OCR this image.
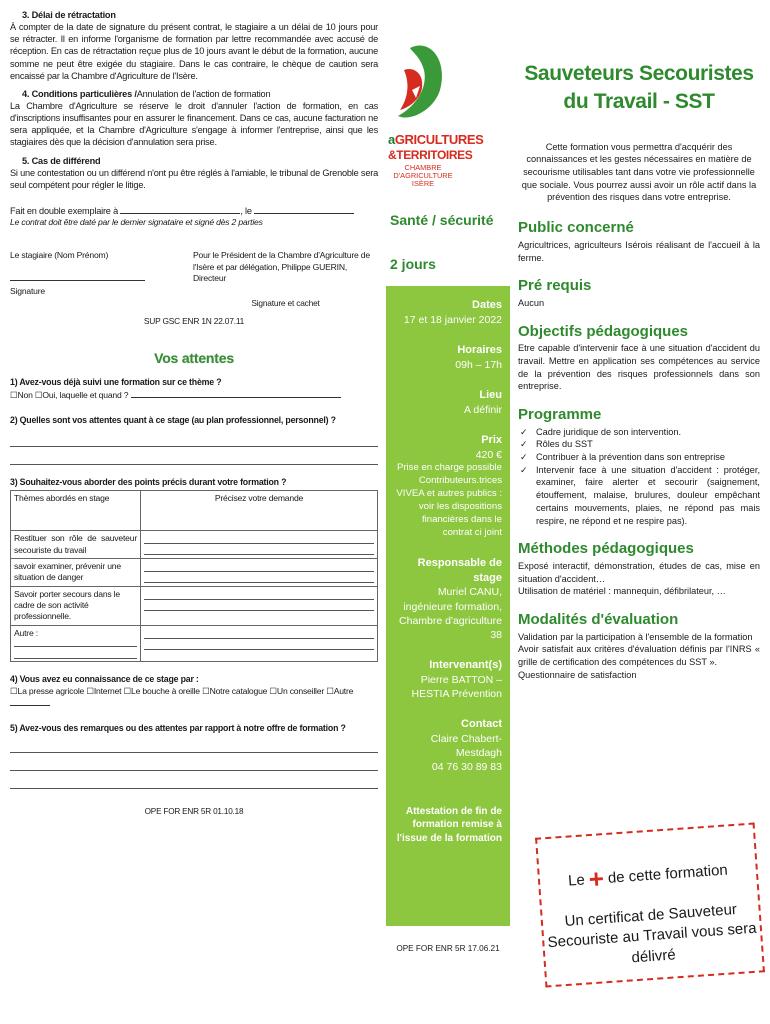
3. Délai de rétractation
À compter de la date de signature du présent contrat, le stagiaire a un délai de 10 jours pour se rétracter. Il en informe l'organisme de formation par lettre recommandée avec accusé de réception. En cas de rétractation reçue plus de 10 jours avant le début de la formation, aucune somme ne peut être exigée du stagiaire. Dans le cas contraire, le chèque de caution sera encaissé par la Chambre d'Agriculture de l'Isère.
4. Conditions particulières /Annulation de l'action de formation
La Chambre d'Agriculture se réserve le droit d'annuler l'action de formation, en cas d'inscriptions insuffisantes pour en assurer le financement. Dans ce cas, aucune facturation ne sera appliquée, et la Chambre d'Agriculture s'engage à informer l'entreprise, ainsi que les stagiaires dès que la décision d'annulation sera prise.
5. Cas de différend
Si une contestation ou un différend n'ont pu être réglés à l'amiable, le tribunal de Grenoble sera seul compétent pour régler le litige.
Fait en double exemplaire à	, le
Le contrat doit être daté par le dernier signataire et signé dès 2 parties
Le stagiaire (Nom Prénom)
Signature
Pour le Président de la Chambre d'Agriculture de l'Isère et par délégation, Philippe GUERIN, Directeur
Signature et cachet
SUP GSC ENR 1N 22.07.11
Vos attentes
1) Avez-vous déjà suivi une formation sur ce thème ?
☐Non ☐Oui, laquelle et quand ?
2) Quelles sont vos attentes quant à ce stage (au plan professionnel, personnel) ?
3) Souhaitez-vous aborder des points précis durant votre formation ?
Thèmes abordés en stage	Précisez votre demande
Restituer son rôle de sauveteur secouriste du travail	

savoir examiner, prévenir une situation de danger	

Savoir porter secours dans le cadre de son activité professionnelle.	

Autre :

4) Vous avez eu connaissance de ce stage par :
☐La presse agricole ☐Internet ☐Le bouche à oreille ☐Notre catalogue ☐Un conseiller ☐Autre
5) Avez-vous des remarques ou des attentes par rapport à notre offre de formation ?
OPE FOR ENR 5R 01.10.18
aGRICULTURES
&TERRITOIRES
CHAMBRE D'AGRICULTURE ISÈRE
Santé / sécurité
2 jours
Dates
17 et 18 janvier 2022
Horaires
09h – 17h
Lieu
A définir
Prix
420 €
Prise en charge possible Contributeurs.trices VIVEA et autres publics : voir les dispositions financières dans le contrat ci joint
Responsable de stage
Muriel CANU, ingénieure formation, Chambre d'agriculture 38
Intervenant(s)
Pierre BATTON – HESTIA Prévention
Contact
Claire Chabert-Mestdagh
04 76 30 89 83
Attestation de fin de formation remise à l'issue de la formation
OPE FOR ENR 5R 17.06.21
Sauveteurs Secouristes du Travail - SST
Cette formation vous permettra d'acquérir des connaissances et les gestes nécessaires en matière de secourisme utilisables tant dans votre vie professionnelle que sociale. Vous pourrez aussi avoir un rôle actif dans la prévention des risques dans votre entreprise.
Public concerné
Agricultrices, agriculteurs Isérois réalisant de l'accueil à la ferme.
Pré requis
Aucun
Objectifs pédagogiques
Etre capable d'intervenir face à une situation d'accident du travail. Mettre en application ses compétences au service de la prévention des risques professionnels dans son entreprise.
Programme
✓ Cadre juridique de son intervention.
✓ Rôles du SST
✓ Contribuer à la prévention dans son entreprise
✓ Intervenir face à une situation d'accident : protéger, examiner, faire alerter et secourir (saignement, étouffement, malaise, brulures, douleur empêchant certains mouvements, plaies, ne répond pas mais respire, ne répond et ne respire pas).
Méthodes pédagogiques
Exposé interactif, démonstration, études de cas, mise en situation d'accident…
Utilisation de matériel : mannequin, défibrilateur, …
Modalités d'évaluation
Validation par la participation à l'ensemble de la formation
Avoir satisfait aux critères d'évaluation définis par l'INRS « grille de certification des compétences du SST ».
Questionnaire de satisfaction
Le+ de cette formation
Un certificat de Sauveteur Secouriste au Travail vous sera délivré
